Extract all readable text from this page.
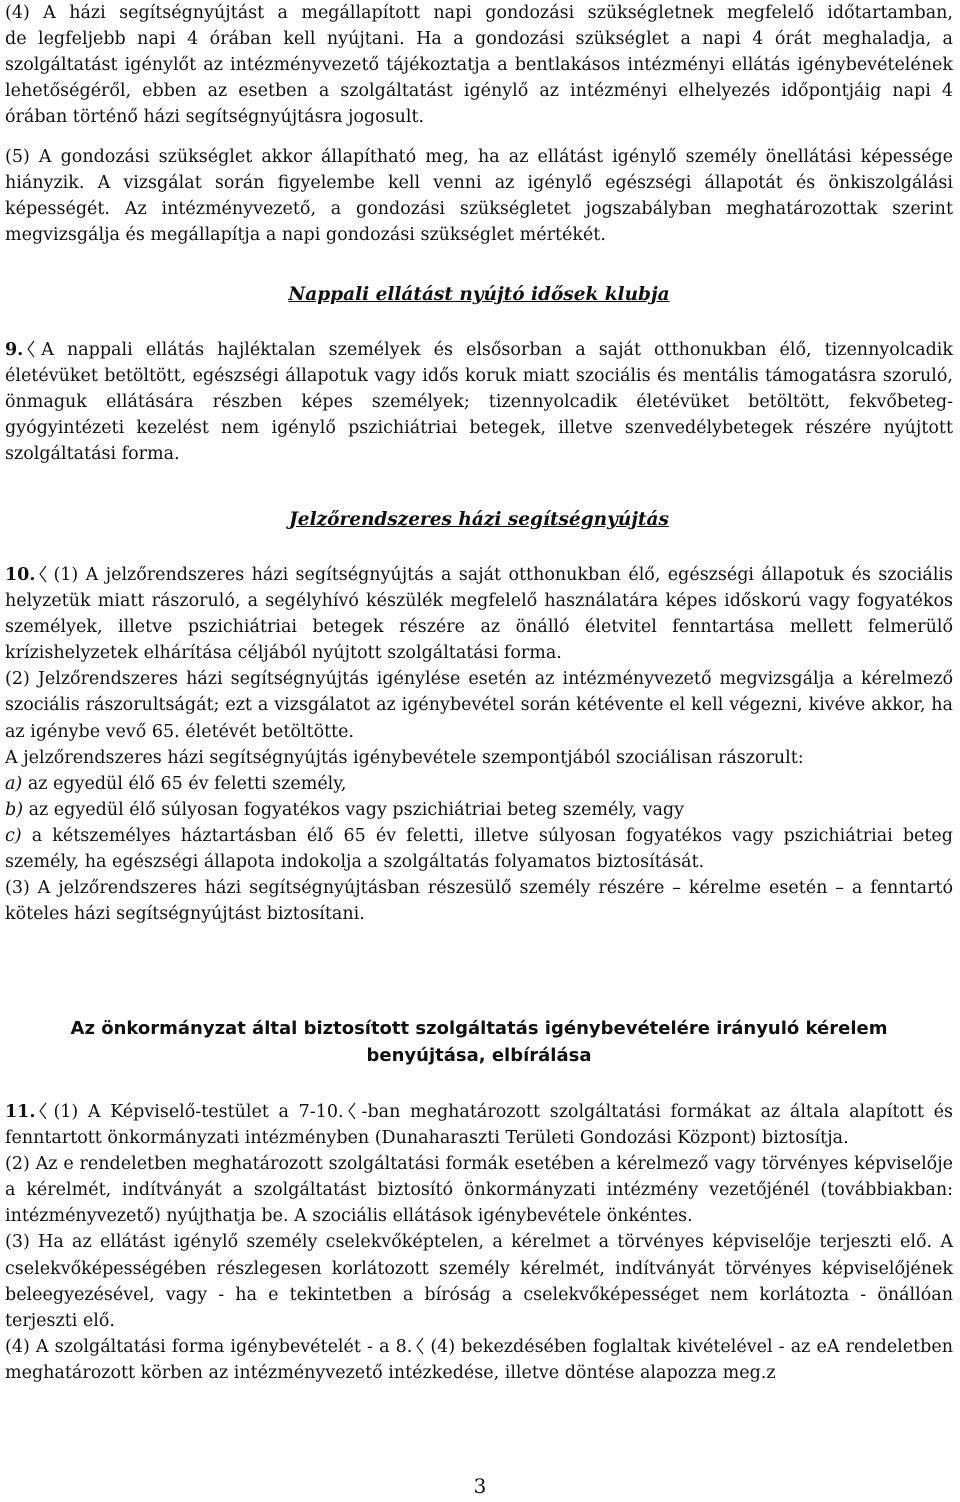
(4) A házi segítségnyújtást a megállapított napi gondozási szükségletnek megfelelő időtartamban,

de legfeljebb napi 4 órában kell nyújtani. Ha a gondozási szükséglet a napi 4 órát meghaladja, a szolgáltatást igénylőt az intézményvezető tájékoztatja a bentlakásos intézményi ellátás igénybevételének lehetőségéről, ebben az esetben a szolgáltatást igénylő az intézményi elhelyezés időpontjáig napi 4 órában történő házi segítségnyújtásra jogosult.

(5) A gondozási szükséglet akkor állapítható meg, ha az ellátást igénylő személy önellátási képessége hiányzik. A vizsgálat során figyelembe kell venni az igénylő egészségi állapotát és önkiszolgálási képességét. Az intézményvezető, a gondozási szükségletet jogszabályban meghatározottak szerint megvizsgálja és megállapítja a napi gondozási szükséglet mértékét.

Nappali ellátást nyújtó idősek klubja

9. A nappali ellátás hajléktalan személyek és elsősorban a saját otthonukban élő, tizennyolcadik életévüket betöltött, egészségi állapotuk vagy idős koruk miatt szociális és mentális támogatásra szoruló, önmaguk ellátására részben képes személyek; tizennyolcadik életévüket betöltött, fekvőbeteg-gyógyintézeti kezelést nem igénylő pszichiátriai betegek, illetve szenvedélybetegek részére nyújtott szolgáltatási forma.

Jelzőrendszeres házi segítségnyújtás

10. (1) A jelzőrendszeres házi segítségnyújtás a saját otthonukban élő, egészségi állapotuk és szociális helyzetük miatt rászoruló, a segélyhívó készülék megfelelő használatára képes időskorú vagy fogyatékos személyek, illetve pszichiátriai betegek részére az önálló életvitel fenntartása mellett felmerülő krízishelyzetek elhárítása céljából nyújtott szolgáltatási forma.

(2) Jelzőrendszeres házi segítségnyújtás igénylése esetén az intézményvezető megvizsgálja a kérelmező szociális rászorultságát; ezt a vizsgálatot az igénybevétel során kétévente el kell végezni, kivéve akkor, ha az igénybe vevő 65. életévét betöltötte.

A jelzőrendszeres házi segítségnyújtás igénybevétele szempontjából szociálisan rászorult:

a) az egyedül élő 65 év feletti személy,

b) az egyedül élő súlyosan fogyatékos vagy pszichiátriai beteg személy, vagy

c) a kétszemélyes háztartásban élő 65 év feletti, illetve súlyosan fogyatékos vagy pszichiátriai beteg személy, ha egészségi állapota indokolja a szolgáltatás folyamatos biztosítását.

(3) A jelzőrendszeres házi segítségnyújtásban részesülő személy részére – kérelme esetén – a fenntartó köteles házi segítségnyújtást biztosítani.

Az önkormányzat által biztosított szolgáltatás igénybevételére irányuló kérelem

benyújtása, elbírálása

11. (1) A Képviselő-testület a 7-10. -ban meghatározott szolgáltatási formákat az általa alapított és fenntartott önkormányzati intézményben (Dunaharaszti Területi Gondozási Központ) biztosítja.

(2) Az e rendeletben meghatározott szolgáltatási formák esetében a kérelmező vagy törvényes képviselője a kérelmét, indítványát a szolgáltatást biztosító önkormányzati intézmény vezetőjénél (továbbiakban: intézményvezető) nyújthatja be. A szociális ellátások igénybevétele önkéntes.

(3) Ha az ellátást igénylő személy cselekvőképtelen, a kérelmet a törvényes képviselője terjeszti elő. A cselekvőképességében részlegesen korlátozott személy kérelmét, indítványát törvényes képviselőjének beleegyezésével, vagy - ha e tekintetben a bíróság a cselekvőképességet nem korlátozta - önállóan terjeszti elő.

(4) A szolgáltatási forma igénybevételét - a 8. (4) bekezdésében foglaltak kivételével - az eA rendeletben meghatározott körben az intézményvezető intézkedése, illetve döntése alapozza meg.z

3
